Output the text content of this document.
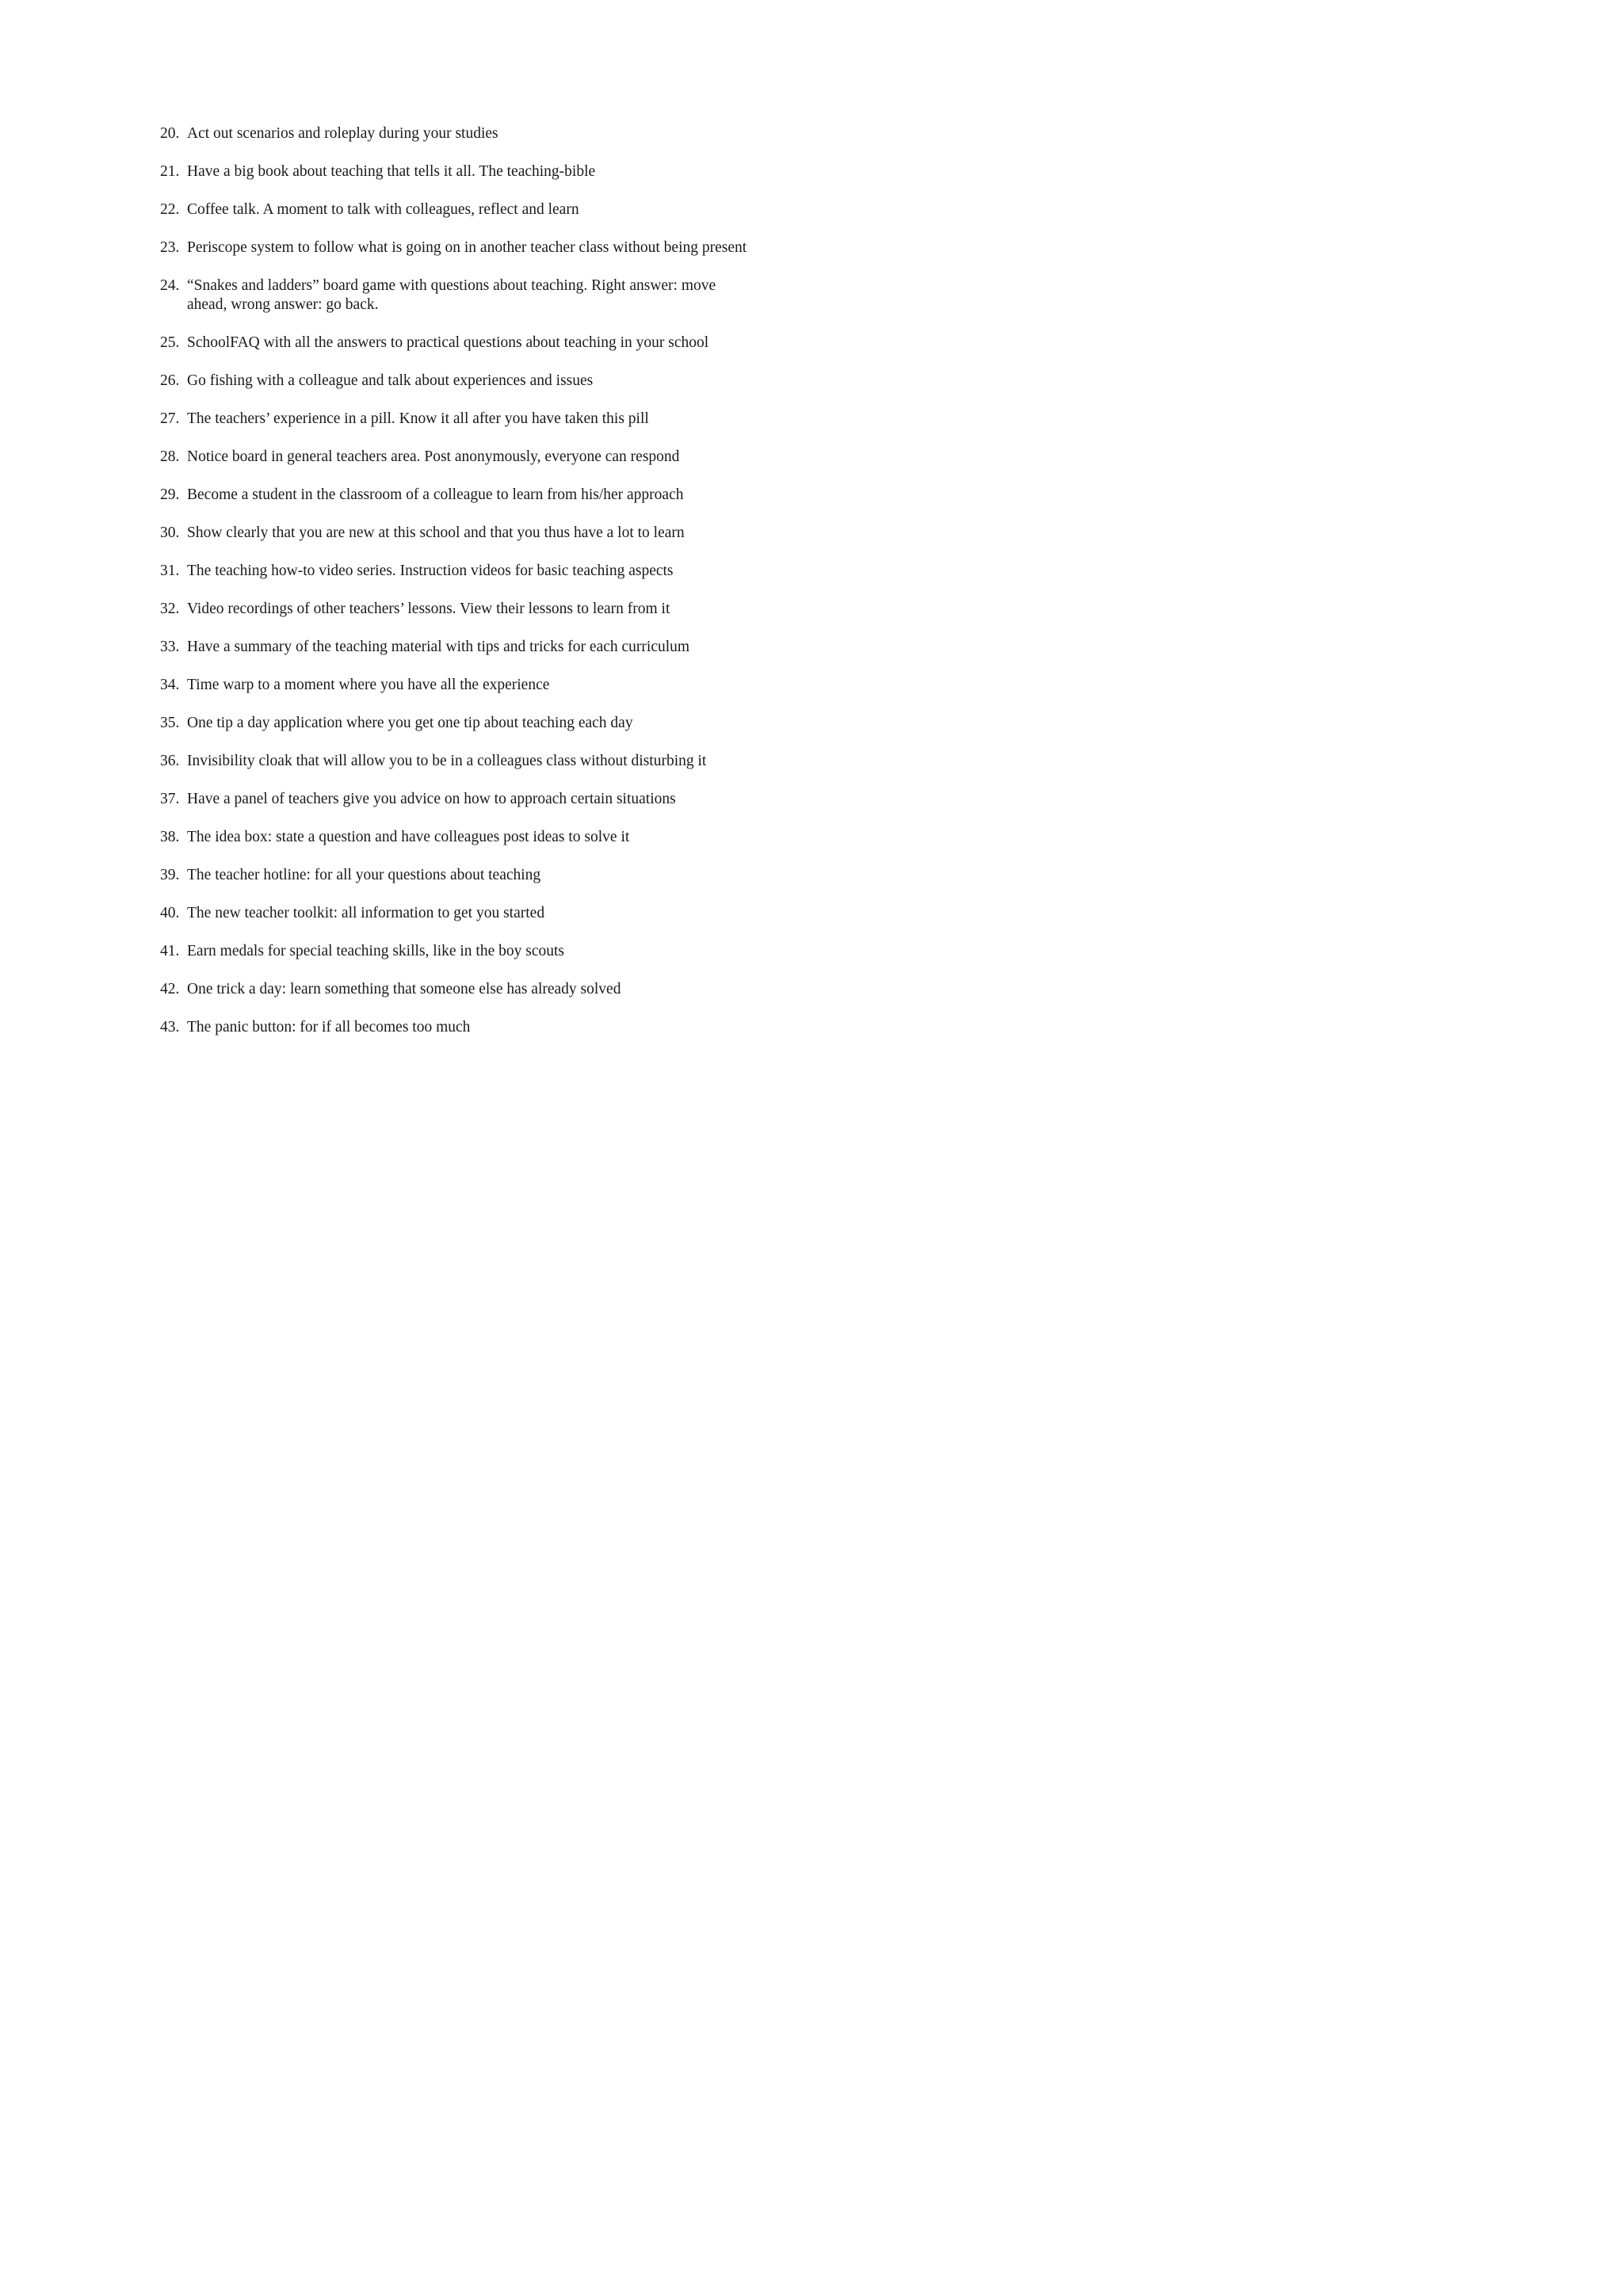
20. Act out scenarios and roleplay during your studies
21. Have a big book about teaching that tells it all. The teaching-bible
22. Coffee talk. A moment to talk with colleagues, reflect and learn
23. Periscope system to follow what is going on in another teacher class without being present
24. “Snakes and ladders” board game with questions about teaching. Right answer: move ahead, wrong answer: go back.
25. SchoolFAQ with all the answers to practical questions about teaching in your school
26. Go fishing with a colleague and talk about experiences and issues
27. The teachers’ experience in a pill. Know it all after you have taken this pill
28. Notice board in general teachers area. Post anonymously, everyone can respond
29. Become a student in the classroom of a colleague to learn from his/her approach
30. Show clearly that you are new at this school and that you thus have a lot to learn
31. The teaching how-to video series. Instruction videos for basic teaching aspects
32. Video recordings of other teachers’ lessons. View their lessons to learn from it
33. Have a summary of the teaching material with tips and tricks for each curriculum
34. Time warp to a moment where you have all the experience
35. One tip a day application where you get one tip about teaching each day
36. Invisibility cloak that will allow you to be in a colleagues class without disturbing it
37. Have a panel of teachers give you advice on how to approach certain situations
38. The idea box: state a question and have colleagues post ideas to solve it
39. The teacher hotline: for all your questions about teaching
40. The new teacher toolkit: all information to get you started
41. Earn medals for special teaching skills, like in the boy scouts
42. One trick a day: learn something that someone else has already solved
43. The panic button: for if all becomes too much
